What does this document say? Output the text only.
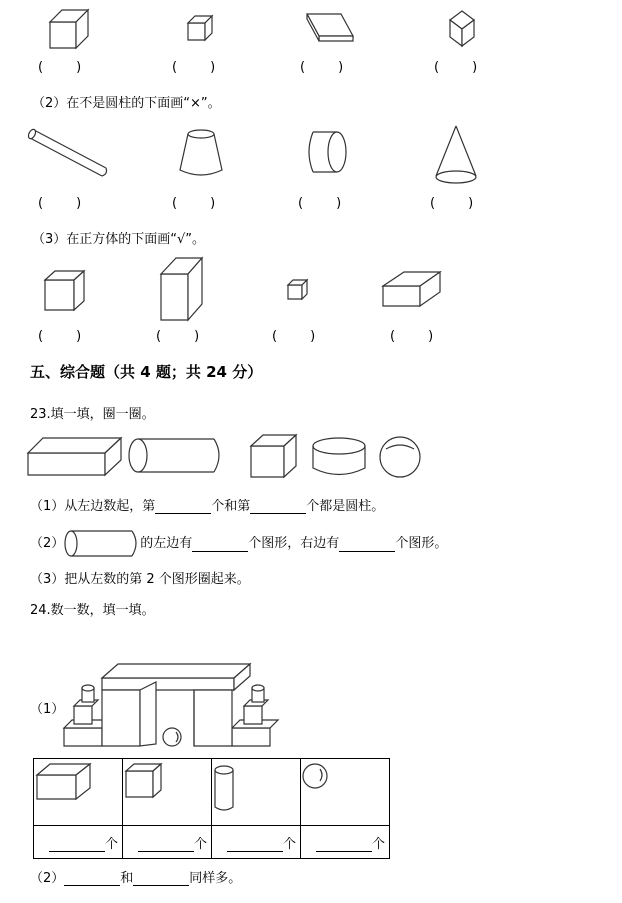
(        )	(        )	(        )	(        )
（2）在不是圆柱的下面画“×”。
(        )	(        )	(        )	(        )
（3）在正方体的下面画“√”。
(        )	(        )	(        )	(        )
五、综合题（共 4 题；共 24 分）
23.填一填，圈一圈。
（1）从左边数起，第	个和第	个都是圆柱。
（2）	的左边有	个图形，右边有	个图形。
（3）把从左数的第 2 个图形圈起来。
24.数一数，填一填。
（1）

个	个	个	个
（2）	和	同样多。
